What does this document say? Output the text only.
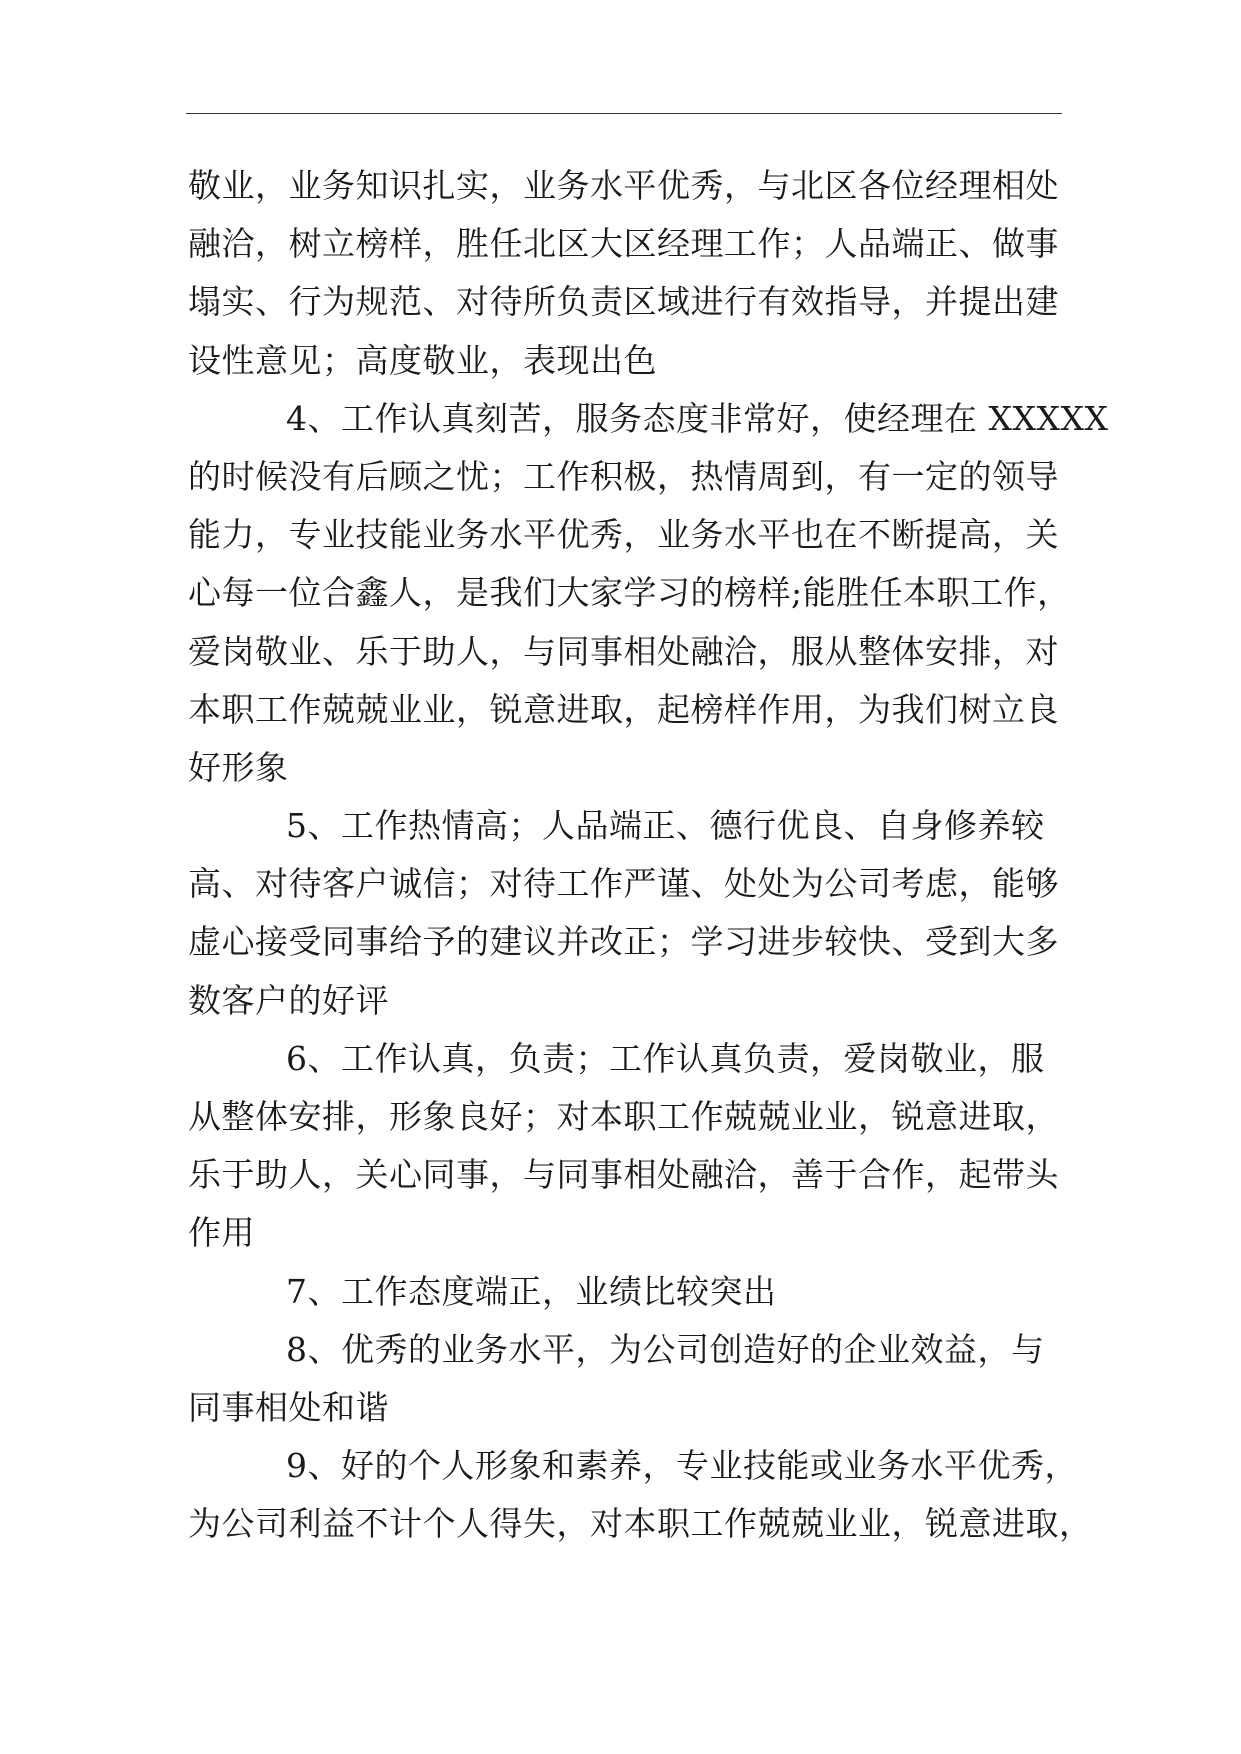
敬业，业务知识扎实，业务水平优秀，与北区各位经理相处
融洽，树立榜样，胜任北区大区经理工作；人品端正、做事
塌实、行为规范、对待所负责区域进行有效指导，并提出建
设性意见；高度敬业，表现出色
4、工作认真刻苦，服务态度非常好，使经理在 XXXXX
的时候没有后顾之忧；工作积极，热情周到，有一定的领导
能力，专业技能业务水平优秀，业务水平也在不断提高，关
心每一位合鑫人，是我们大家学习的榜样;能胜任本职工作，
爱岗敬业、乐于助人，与同事相处融洽，服从整体安排，对
本职工作兢兢业业，锐意进取，起榜样作用，为我们树立良
好形象
5、工作热情高；人品端正、德行优良、自身修养较
高、对待客户诚信；对待工作严谨、处处为公司考虑，能够
虚心接受同事给予的建议并改正；学习进步较快、受到大多
数客户的好评
6、工作认真，负责；工作认真负责，爱岗敬业，服
从整体安排，形象良好；对本职工作兢兢业业，锐意进取，
乐于助人，关心同事，与同事相处融洽，善于合作，起带头
作用
7、工作态度端正，业绩比较突出
8、优秀的业务水平，为公司创造好的企业效益，与
同事相处和谐
9、好的个人形象和素养，专业技能或业务水平优秀，
为公司利益不计个人得失，对本职工作兢兢业业，锐意进取，
